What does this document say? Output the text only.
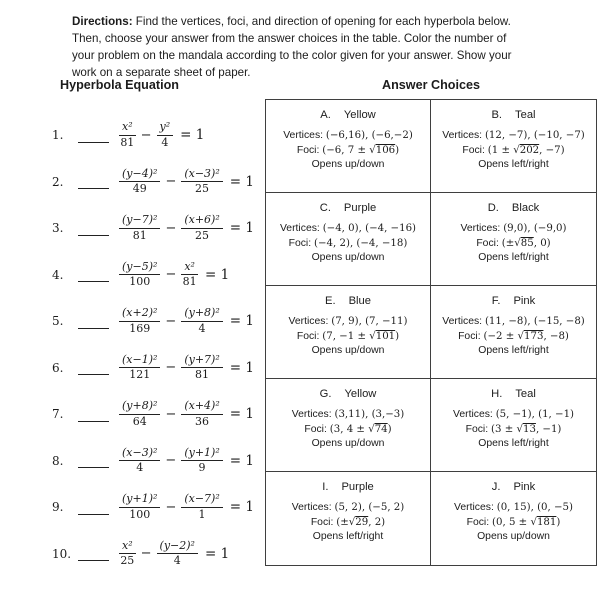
Directions: Find the vertices, foci, and direction of opening for each hyperbola below. Then, choose your answer from the answer choices in the table. Color the number of your problem on the mandala according to the color given for your answer. Show your work on a separate sheet of paper.
Hyperbola Equation	Answer Choices
1.	$\frac{\text{x²}}{81} - \frac{\text{y²}}{4} = 1$
2.	$\frac{\text{(y−4)²}}{49} - \frac{\text{(x−3)²}}{25} = 1$
3.	$\frac{\text{(y−7)²}}{81} - \frac{\text{(x+6)²}}{25} = 1$
4.	$\frac{\text{(y−5)²}}{100} - \frac{\text{x²}}{81} = 1$
5.	$\frac{\text{(x+2)²}}{169} - \frac{\text{(y+8)²}}{4} = 1$
6.	$\frac{\text{(x−1)²}}{121} - \frac{\text{(y+7)²}}{81} = 1$
7.	$\frac{\text{(y+8)²}}{64} - \frac{\text{(x+4)²}}{36} = 1$
8.	$\frac{\text{(x−3)²}}{4} - \frac{\text{(y+1)²}}{9} = 1$
9.	$\frac{\text{(y+1)²}}{100} - \frac{\text{(x−7)²}}{1} = 1$
10.	$\frac{\text{x²}}{25} - \frac{\text{(y−2)²}}{4} = 1$
A. Yellow
Vertices: (−6,16), (−6,−2)
Foci: (−6, 7 ± √106)
Opens up/down
B. Teal
Vertices: (12, −7), (−10, −7)
Foci: (1 ± √202, −7)
Opens left/right
C. Purple
Vertices: (−4, 0), (−4, −16)
Foci: (−4, 2), (−4, −18)
Opens up/down
D. Black
Vertices: (9,0), (−9,0)
Foci: (±√85, 0)
Opens left/right
E. Blue
Vertices: (7, 9), (7, −11)
Foci: (7, −1 ± √101)
Opens up/down
F. Pink
Vertices: (11, −8), (−15, −8)
Foci: (−2 ± √173, −8)
Opens left/right
G. Yellow
Vertices: (3,11), (3,−3)
Foci: (3, 4 ± √74)
Opens up/down
H. Teal
Vertices: (5, −1), (1, −1)
Foci: (3 ± √13, −1)
Opens left/right
I. Purple
Vertices: (5, 2), (−5, 2)
Foci: (±√29, 2)
Opens left/right
J. Pink
Vertices: (0, 15), (0, −5)
Foci: (0, 5 ± √181)
Opens up/down
